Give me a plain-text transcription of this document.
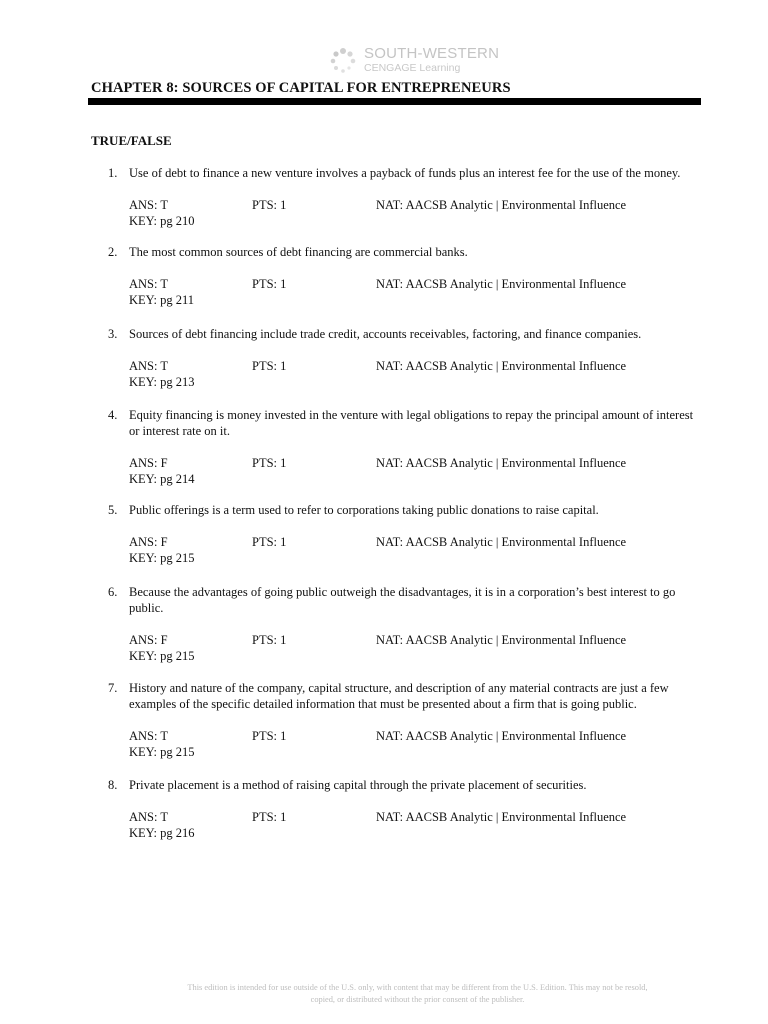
SOUTH-WESTERN
CENGAGE Learning
CHAPTER 8: SOURCES OF CAPITAL FOR ENTREPRENEURS
TRUE/FALSE
1. Use of debt to finance a new venture involves a payback of funds plus an interest fee for the use of the money.
ANS: T	PTS: 1	NAT: AACSB Analytic | Environmental Influence
KEY: pg 210
2. The most common sources of debt financing are commercial banks.
ANS: T	PTS: 1	NAT: AACSB Analytic | Environmental Influence
KEY: pg 211
3. Sources of debt financing include trade credit, accounts receivables, factoring, and finance companies.
ANS: T	PTS: 1	NAT: AACSB Analytic | Environmental Influence
KEY: pg 213
4. Equity financing is money invested in the venture with legal obligations to repay the principal amount of interest or interest rate on it.
ANS: F	PTS: 1	NAT: AACSB Analytic | Environmental Influence
KEY: pg 214
5. Public offerings is a term used to refer to corporations taking public donations to raise capital.
ANS: F	PTS: 1	NAT: AACSB Analytic | Environmental Influence
KEY: pg 215
6. Because the advantages of going public outweigh the disadvantages, it is in a corporation’s best interest to go public.
ANS: F	PTS: 1	NAT: AACSB Analytic | Environmental Influence
KEY: pg 215
7. History and nature of the company, capital structure, and description of any material contracts are just a few examples of the specific detailed information that must be presented about a firm that is going public.
ANS: T	PTS: 1	NAT: AACSB Analytic | Environmental Influence
KEY: pg 215
8. Private placement is a method of raising capital through the private placement of securities.
ANS: T	PTS: 1	NAT: AACSB Analytic | Environmental Influence
KEY: pg 216
This edition is intended for use outside of the U.S. only, with content that may be different from the U.S. Edition. This may not be resold,
copied, or distributed without the prior consent of the publisher.
